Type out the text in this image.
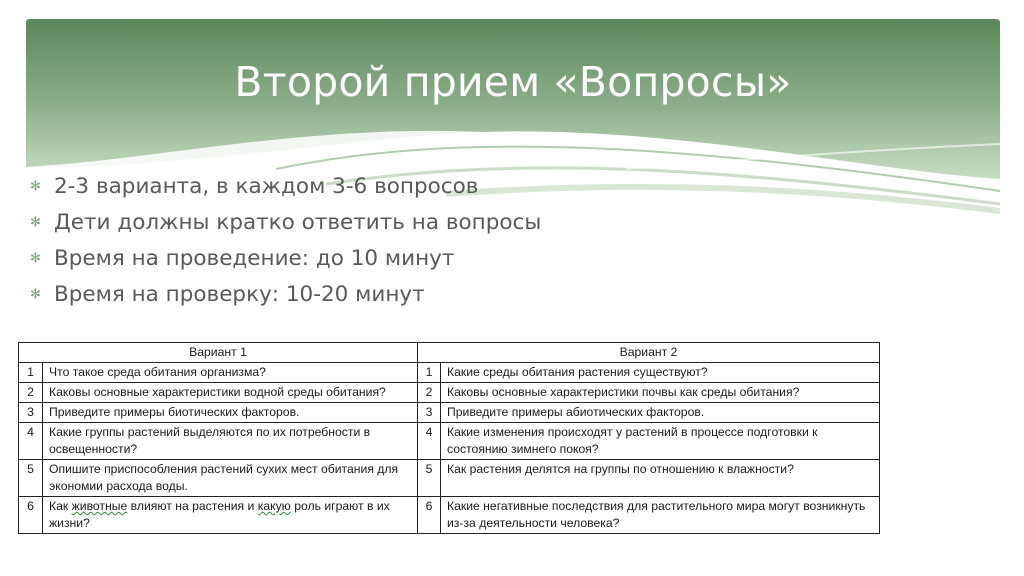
Второй прием «Вопросы»
✻ 2-3 варианта, в каждом 3-6 вопросов
✻ Дети должны кратко ответить на вопросы
✻ Время на проведение: до 10 минут
✻ Время на проверку: 10-20 минут
Вариант 1		Вариант 2	
1	Что такое среда обитания организма?	1	Какие среды обитания растения существуют?
2	Каковы основные характеристики водной среды обитания?	2	Каковы основные характеристики почвы как среды обитания?
3	Приведите примеры биотических факторов.	3	Приведите примеры абиотических факторов.
4	Какие группы растений выделяются по их потребности в освещенности?	4	Какие изменения происходят у растений в процессе подготовки к состоянию зимнего покоя?
5	Опишите приспособления растений сухих мест обитания для экономии расхода воды.	5	Как растения делятся на группы по отношению к влажности?
6	Как животные влияют на растения и какую роль играют в их жизни?	6	Какие негативные последствия для растительного мира могут возникнуть из-за деятельности человека?
